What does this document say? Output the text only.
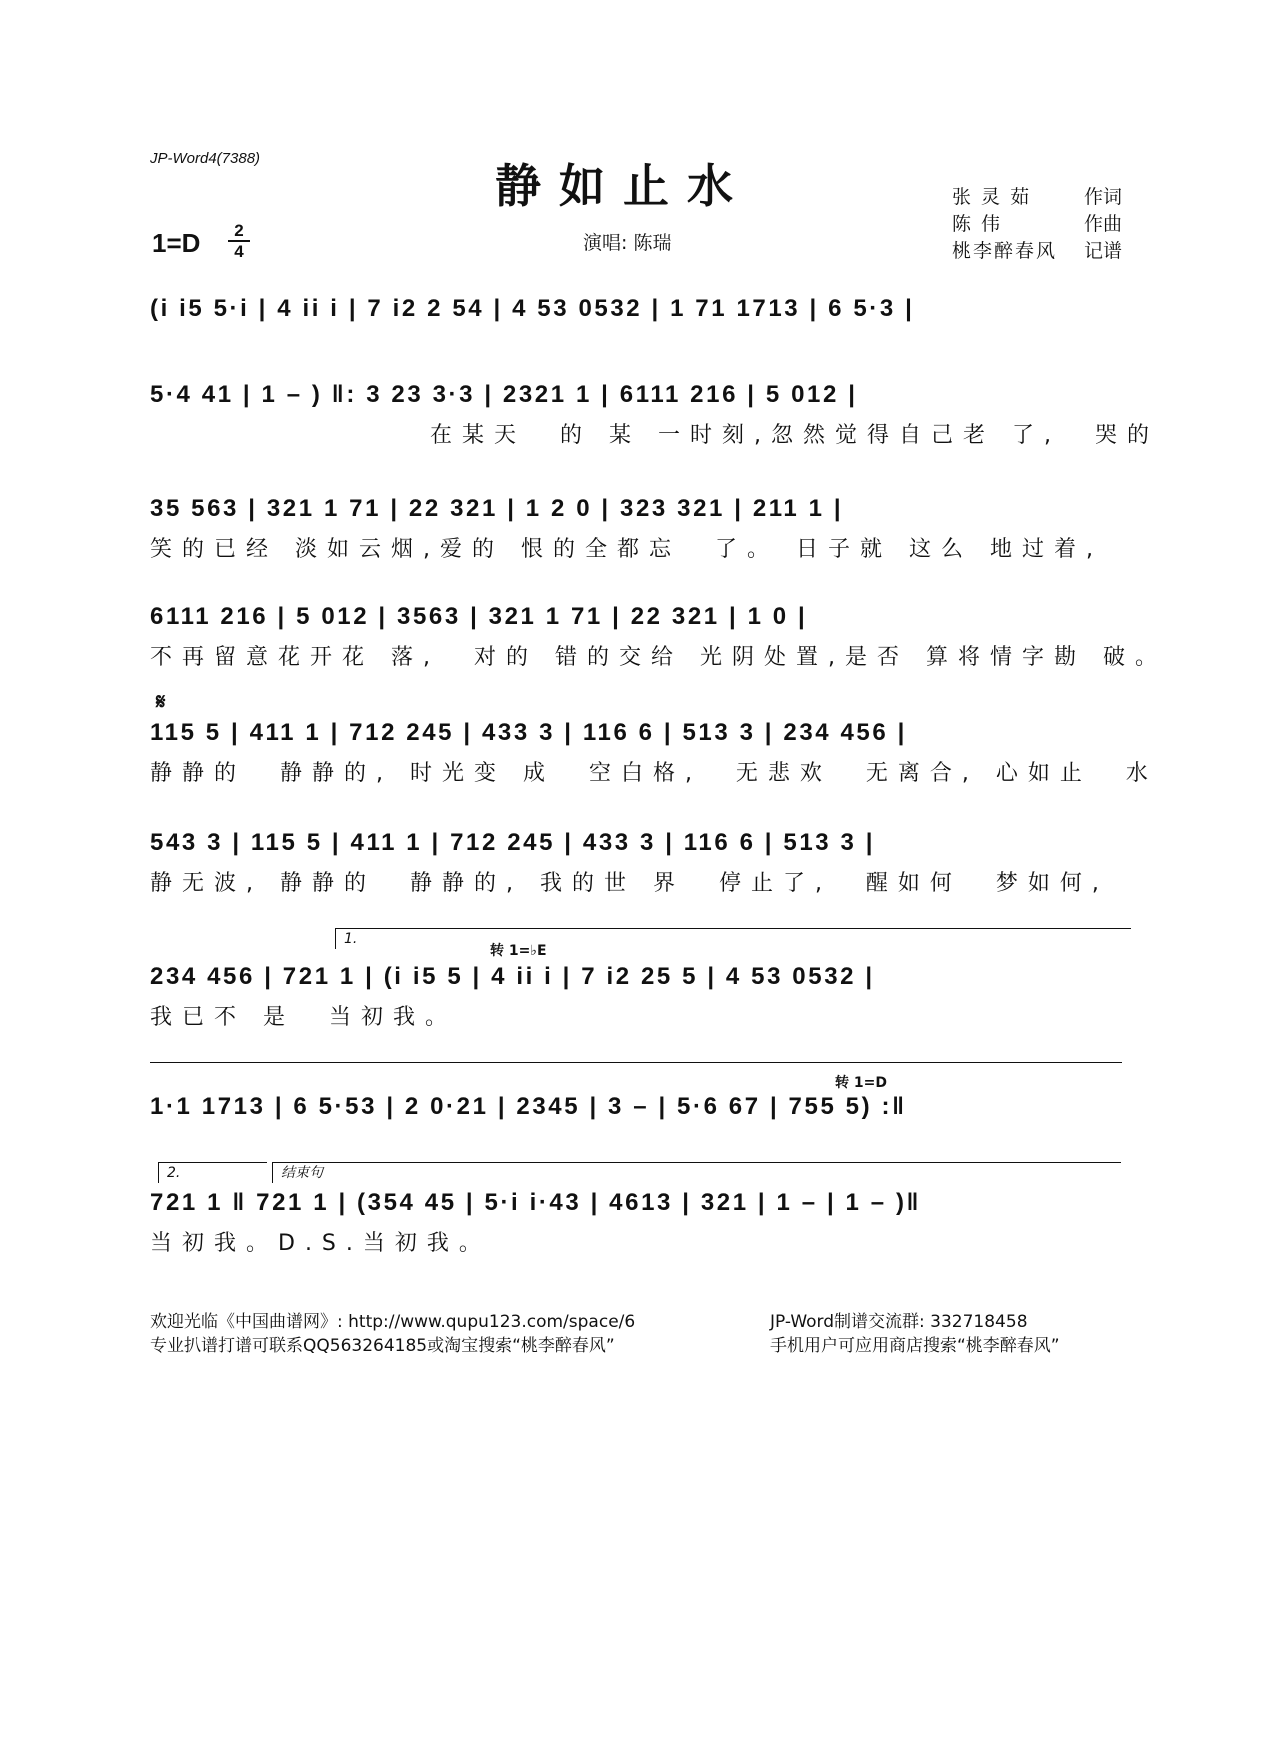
JP-Word4(7388)
静如止水
1=D	2
4	演唱: 陈瑞
张 灵 茹	作词
陈 伟	作曲
桃李醉春风 记谱
(i i5 5·i | 4 ii i | 7 i2 2 54 | 4 53 0532 | 1 71 1713 | 6 5·3 |
5·4 41 | 1 – ) ‖: 3 23 3·3 | 2321 1 | 6111 216 | 5 012 |
在某天  的 某 一时刻,忽然觉得自己老 了,  哭的
35 563 | 321 1 71 | 22 321 | 1 2 0 | 323 321 | 211 1 |
笑的已经 淡如云烟,爱的 恨的全都忘  了。 日子就 这么 地过着,
6111 216 | 5 012 | 3563 | 321 1 71 | 22 321 | 1 0 |
不再留意花开花 落,  对的 错的交给 光阴处置,是否 算将情字勘 破。
𝄋
115 5 | 411 1 | 712 245 | 433 3 | 116 6 | 513 3 | 234 456 |
静静的  静静的, 时光变 成  空白格,  无悲欢  无离合, 心如止  水
543 3 | 115 5 | 411 1 | 712 245 | 433 3 | 116 6 | 513 3 |
静无波, 静静的  静静的, 我的世 界  停止了,  醒如何  梦如何,
1.
转 1=♭E
234 456 | 721 1 | (i i5 5 | 4 ii i | 7 i2 25 5 | 4 53 0532 |
我已不 是  当初我。
转 1=D
1·1 1713 | 6 5·53 | 2 0·21 | 2345 | 3 – | 5·6 67 | 755 5) :‖
2.	结束句
721 1 ‖ 721 1 | (354 45 | 5·i i·43 | 4613 | 321 | 1 – | 1 – )‖
当初我。D.S.当初我。
欢迎光临《中国曲谱网》: http://www.qupu123.com/space/6
专业扒谱打谱可联系QQ563264185或淘宝搜索“桃李醉春风”
JP-Word制谱交流群: 332718458
手机用户可应用商店搜索“桃李醉春风”
